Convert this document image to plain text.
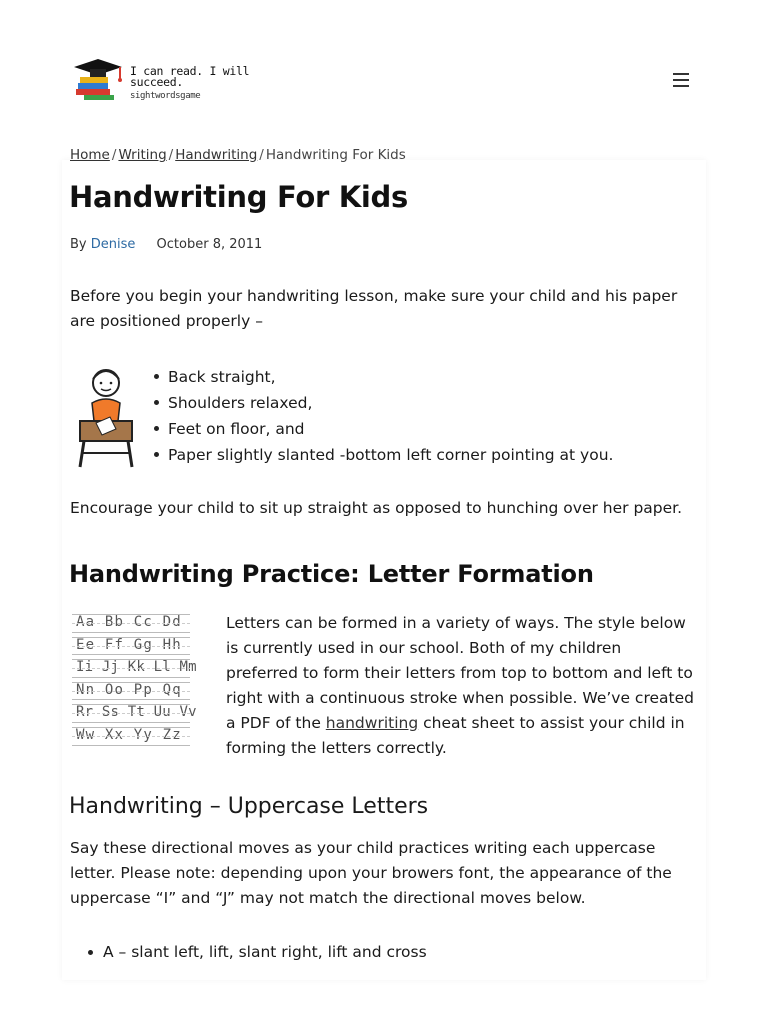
I can read. I will succeed.
sightwordsgame
Home / Writing / Handwriting / Handwriting For Kids
Handwriting For Kids
By Denise October 8, 2011

Before you begin your handwriting lesson, make sure your child and his paper are positioned properly –

Back straight,
Shoulders relaxed,
Feet on floor, and
Paper slightly slanted -bottom left corner pointing at you.

Encourage your child to sit up straight as opposed to hunching over her paper.

Handwriting Practice: Letter Formation
Aa Bb Cc Dd
Ee Ff Gg Hh
Ii Jj Kk Ll Mm
Nn Oo Pp Qq
Rr Ss Tt Uu Vv
Ww Xx Yy Zz

Letters can be formed in a variety of ways. The style below is currently used in our school. Both of my children preferred to form their letters from top to bottom and left to right with a continuous stroke when possible. We’ve created a PDF of the handwriting cheat sheet to assist your child in forming the letters correctly.

Handwriting – Uppercase Letters

Say these directional moves as your child practices writing each uppercase letter. Please note: depending upon your browers font, the appearance of the uppercase “I” and “J” may not match the directional moves below.

A – slant left, lift, slant right, lift and cross
